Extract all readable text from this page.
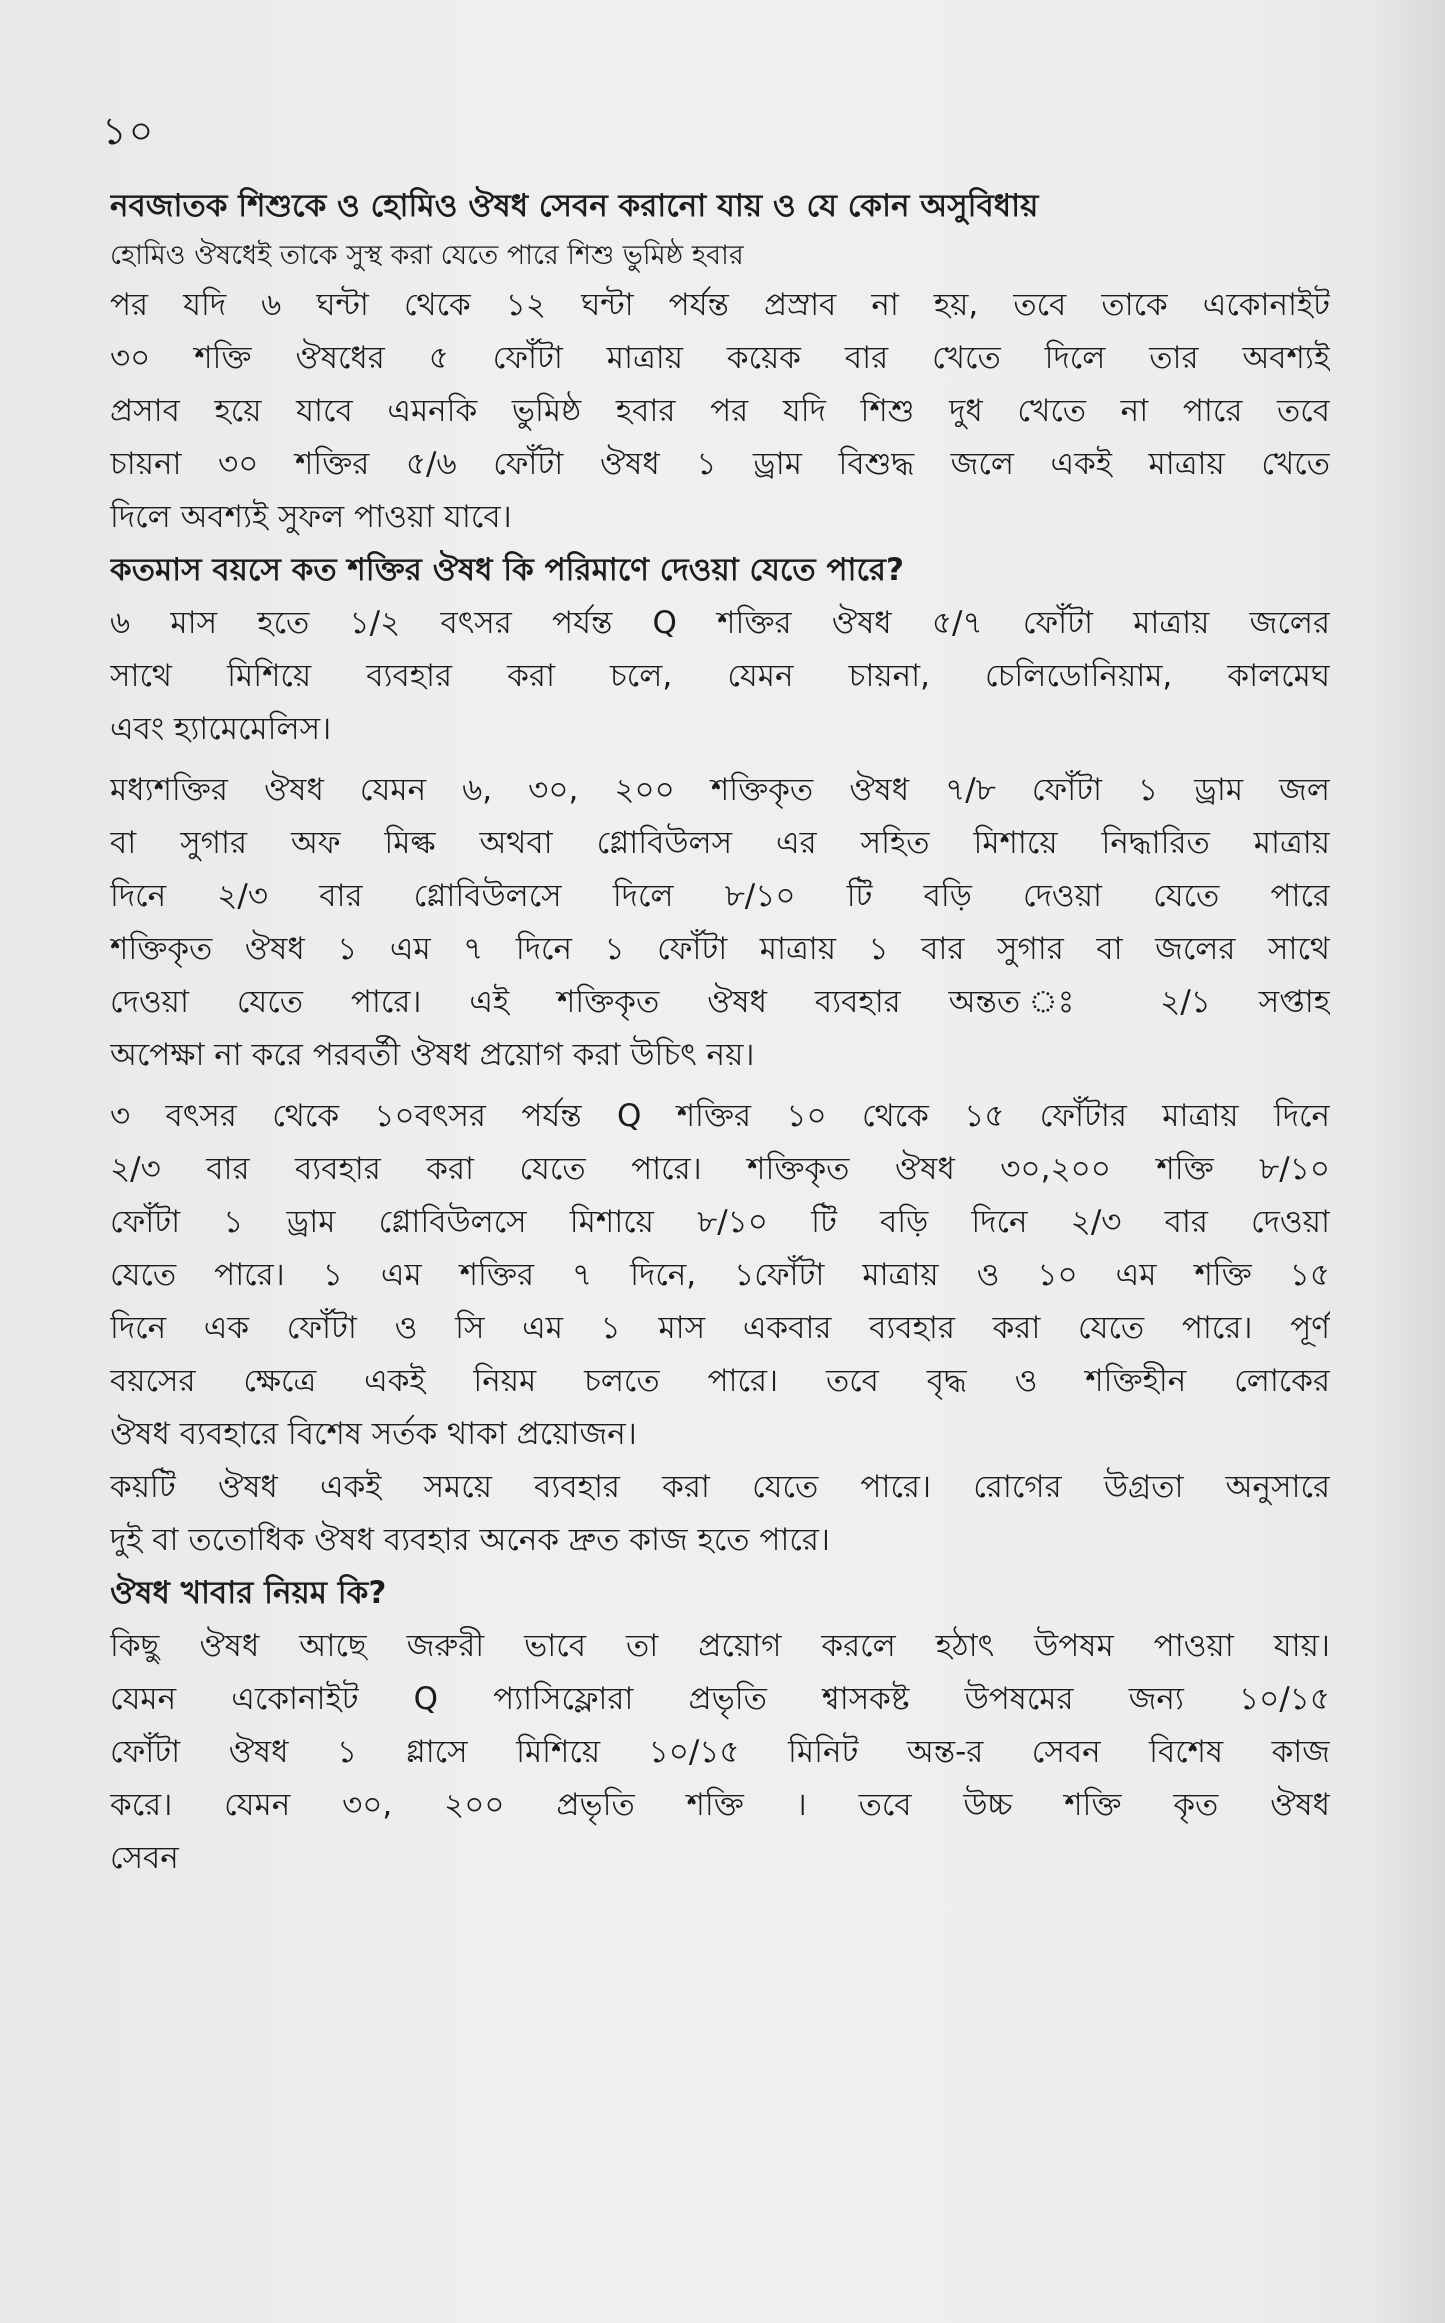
১০
নবজাতক শিশুকে ও হোমিও ঔষধ সেবন করানো যায় ও যে কোন অসুবিধায়
হোমিও ঔষধেই তাকে সুস্থ করা যেতে পারে শিশু ভুমিষ্ঠ হবার
পর যদি ৬ ঘন্টা থেকে ১২ ঘন্টা পর্যন্ত প্রস্রাব না হয়, তবে তাকে একোনাইট
৩০ শক্তি ঔষধের ৫ ফোঁটা মাত্রায় কয়েক বার খেতে দিলে তার অবশ্যই
প্রসাব হয়ে যাবে এমনকি ভুমিষ্ঠ হবার পর যদি শিশু দুধ খেতে না পারে তবে
চায়না ৩০ শক্তির ৫/৬ ফোঁটা ঔষধ ১ ড্রাম বিশুদ্ধ জলে একই মাত্রায় খেতে
দিলে অবশ্যই সুফল পাওয়া যাবে।
কতমাস বয়সে কত শক্তির ঔষধ কি পরিমাণে দেওয়া যেতে পারে?
৬ মাস হতে ১/২ বৎসর পর্যন্ত Q শক্তির ঔষধ ৫/৭ ফোঁটা মাত্রায় জলের
সাথে মিশিয়ে ব্যবহার করা চলে, যেমন চায়না, চেলিডোনিয়াম, কালমেঘ
এবং হ্যামেমেলিস।
মধ্যশক্তির ঔষধ যেমন ৬, ৩০, ২০০ শক্তিকৃত ঔষধ ৭/৮ ফোঁটা ১ ড্রাম জল
বা সুগার অফ মিল্ক অথবা গ্লোবিউলস এর সহিত মিশায়ে নিদ্ধারিত মাত্রায়
দিনে ২/৩ বার গ্লোবিউলসে দিলে ৮/১০ টি বড়ি দেওয়া যেতে পারে
শক্তিকৃত ঔষধ ১ এম ৭ দিনে ১ ফোঁটা মাত্রায় ১ বার সুগার বা জলের সাথে
দেওয়া যেতে পারে। এই শক্তিকৃত ঔষধ ব্যবহার অন্তত ঃ ২/১ সপ্তাহ
অপেক্ষা না করে পরবর্তী ঔষধ প্রয়োগ করা উচিৎ নয়।
৩ বৎসর থেকে ১০বৎসর পর্যন্ত Q শক্তির ১০ থেকে ১৫ ফোঁটার মাত্রায় দিনে
২/৩ বার ব্যবহার করা যেতে পারে। শক্তিকৃত ঔষধ ৩০,২০০ শক্তি ৮/১০
ফোঁটা ১ ড্রাম গ্লোবিউলসে মিশায়ে ৮/১০ টি বড়ি দিনে ২/৩ বার দেওয়া
যেতে পারে। ১ এম শক্তির ৭ দিনে, ১ফোঁটা মাত্রায় ও ১০ এম শক্তি ১৫
দিনে এক ফোঁটা ও সি এম ১ মাস একবার ব্যবহার করা যেতে পারে। পূর্ণ
বয়সের ক্ষেত্রে একই নিয়ম চলতে পারে। তবে বৃদ্ধ ও শক্তিহীন লোকের
ঔষধ ব্যবহারে বিশেষ সর্তক থাকা প্রয়োজন।
কয়টি ঔষধ একই সময়ে ব্যবহার করা যেতে পারে। রোগের উগ্রতা অনুসারে
দুই বা ততোধিক ঔষধ ব্যবহার অনেক দ্রুত কাজ হতে পারে।
ঔষধ খাবার নিয়ম কি?
কিছু ঔষধ আছে জরুরী ভাবে তা প্রয়োগ করলে হঠাৎ উপষম পাওয়া যায়।
যেমন একোনাইট Q প্যাসিফ্লোরা প্রভৃতি শ্বাসকষ্ট উপষমের জন্য ১০/১৫
ফোঁটা ঔষধ ১ গ্লাসে মিশিয়ে ১০/১৫ মিনিট অন্ত-র সেবন বিশেষ কাজ
করে। যেমন ৩০, ২০০ প্রভৃতি শক্তি । তবে উচ্চ শক্তি কৃত ঔষধ
সেবন
